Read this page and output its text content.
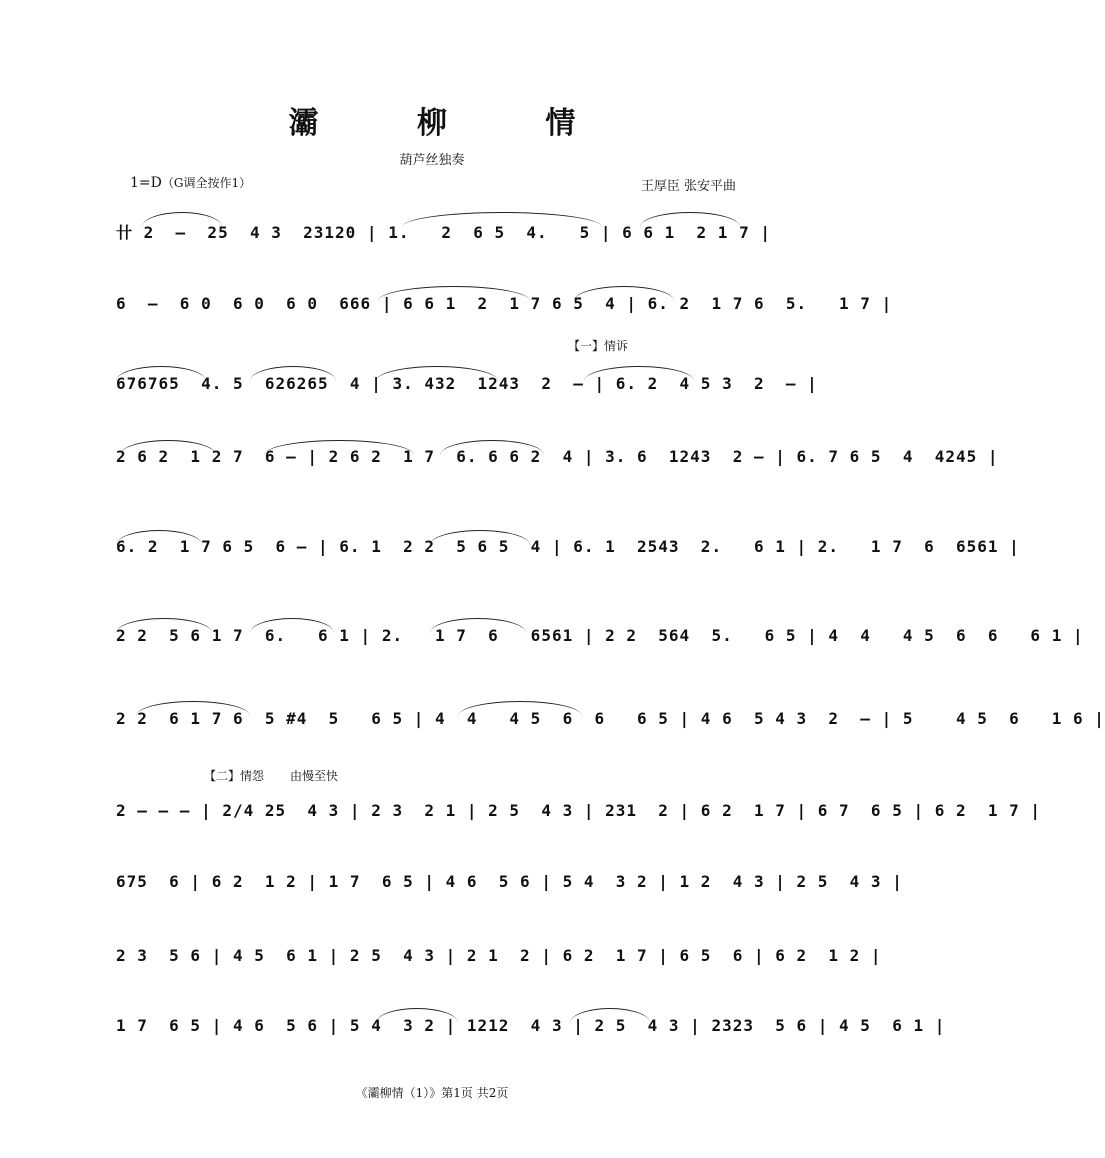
灞 柳 情
葫芦丝独奏
1=D（G调全按作1）	王厚臣 张安平曲
卄 2  –  25  4 3  23120 | 1.   2  6 5  4.   5 | 6 6 1  2 1 7 |
6  –  6 0  6 0  6 0  666 | 6 6 1  2  1 7 6 5  4 | 6. 2  1 7 6  5.   1 7 |
【一】情诉
676765  4. 5  626265  4 | 3. 432  1243  2  – | 6. 2  4 5 3  2  – |
2 6 2  1 2 7  6 – | 2 6 2  1 7  6. 6 6 2  4 | 3. 6  1243  2 – | 6. 7 6 5  4  4245 |
6. 2  1 7 6 5  6 – | 6. 1  2 2  5 6 5  4 | 6. 1  2543  2.   6 1 | 2.   1 7  6  6561 |
2 2  5 6 1 7  6.   6 1 | 2.   1 7  6   6561 | 2 2  564  5.   6 5 | 4  4   4 5  6  6   6 1 |
2 2  6 1 7 6  5 #4  5   6 5 | 4  4   4 5  6  6   6 5 | 4 6  5 4 3  2  – | 5    4 5  6   1 6 |
【二】情怨 由慢至快
2 – – – | 2/4 25  4 3 | 2 3  2 1 | 2 5  4 3 | 231  2 | 6 2  1 7 | 6 7  6 5 | 6 2  1 7 |
675  6 | 6 2  1 2 | 1 7  6 5 | 4 6  5 6 | 5 4  3 2 | 1 2  4 3 | 2 5  4 3 |
2 3  5 6 | 4 5  6 1 | 2 5  4 3 | 2 1  2 | 6 2  1 7 | 6 5  6 | 6 2  1 2 |
1 7  6 5 | 4 6  5 6 | 5 4  3 2 | 1212  4 3 | 2 5  4 3 | 2323  5 6 | 4 5  6 1 |
《灞柳情（1）》第1页 共2页
